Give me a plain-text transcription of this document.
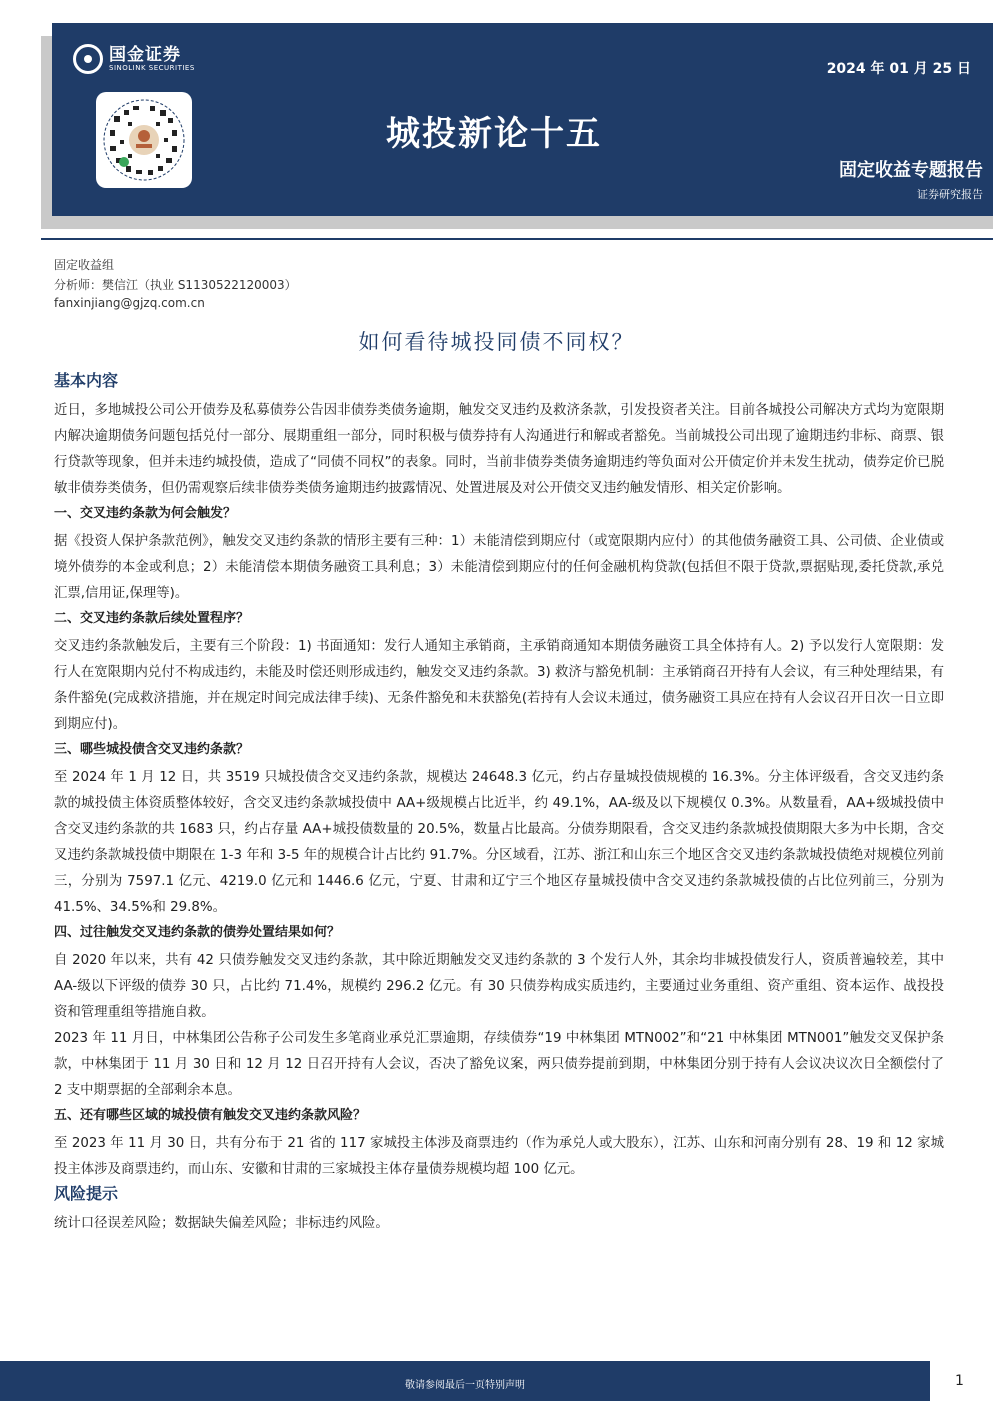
国金证券
SINOLINK SECURITIES	2024 年 01 月 25 日
城投新论十五
固定收益专题报告
证券研究报告
固定收益组
分析师：樊信江（执业 S1130522120003）
fanxinjiang@gjzq.com.cn
如何看待城投同债不同权？
基本内容

近日，多地城投公司公开债券及私募债券公告因非债券类债务逾期，触发交叉违约及救济条款，引发投资者关注。目前各城投公司解决方式均为宽限期内解决逾期债务问题包括兑付一部分、展期重组一部分，同时积极与债券持有人沟通进行和解或者豁免。当前城投公司出现了逾期违约非标、商票、银行贷款等现象，但并未违约城投债，造成了“同债不同权”的表象。同时，当前非债券类债务逾期违约等负面对公开债定价并未发生扰动，债券定价已脱敏非债券类债务，但仍需观察后续非债券类债务逾期违约披露情况、处置进展及对公开债交叉违约触发情形、相关定价影响。

一、交叉违约条款为何会触发？

据《投资人保护条款范例》，触发交叉违约条款的情形主要有三种：1）未能清偿到期应付（或宽限期内应付）的其他债务融资工具、公司债、企业债或境外债券的本金或利息；2）未能清偿本期债务融资工具利息；3）未能清偿到期应付的任何金融机构贷款(包括但不限于贷款,票据贴现,委托贷款,承兑汇票,信用证,保理等)。

二、交叉违约条款后续处置程序？

交叉违约条款触发后，主要有三个阶段：1) 书面通知：发行人通知主承销商，主承销商通知本期债务融资工具全体持有人。2) 予以发行人宽限期：发行人在宽限期内兑付不构成违约，未能及时偿还则形成违约，触发交叉违约条款。3) 救济与豁免机制：主承销商召开持有人会议，有三种处理结果，有条件豁免(完成救济措施，并在规定时间完成法律手续)、无条件豁免和未获豁免(若持有人会议未通过，债务融资工具应在持有人会议召开日次一日立即到期应付)。

三、哪些城投债含交叉违约条款？

至 2024 年 1 月 12 日，共 3519 只城投债含交叉违约条款，规模达 24648.3 亿元，约占存量城投债规模的 16.3%。分主体评级看，含交叉违约条款的城投债主体资质整体较好，含交叉违约条款城投债中 AA+级规模占比近半，约 49.1%，AA-级及以下规模仅 0.3%。从数量看，AA+级城投债中含交叉违约条款的共 1683 只，约占存量 AA+城投债数量的 20.5%，数量占比最高。分债券期限看，含交叉违约条款城投债期限大多为中长期，含交叉违约条款城投债中期限在 1-3 年和 3-5 年的规模合计占比约 91.7%。分区域看，江苏、浙江和山东三个地区含交叉违约条款城投债绝对规模位列前三，分别为 7597.1 亿元、4219.0 亿元和 1446.6 亿元，宁夏、甘肃和辽宁三个地区存量城投债中含交叉违约条款城投债的占比位列前三，分别为 41.5%、34.5%和 29.8%。

四、过往触发交叉违约条款的债券处置结果如何？

自 2020 年以来，共有 42 只债券触发交叉违约条款，其中除近期触发交叉违约条款的 3 个发行人外，其余均非城投债发行人，资质普遍较差，其中 AA-级以下评级的债券 30 只，占比约 71.4%，规模约 296.2 亿元。有 30 只债券构成实质违约，主要通过业务重组、资产重组、资本运作、战投投资和管理重组等措施自救。

2023 年 11 月日，中林集团公告称子公司发生多笔商业承兑汇票逾期，存续债券“19 中林集团 MTN002”和“21 中林集团 MTN001”触发交叉保护条款，中林集团于 11 月 30 日和 12 月 12 日召开持有人会议，否决了豁免议案，两只债券提前到期，中林集团分别于持有人会议决议次日全额偿付了 2 支中期票据的全部剩余本息。

五、还有哪些区域的城投债有触发交叉违约条款风险？

至 2023 年 11 月 30 日，共有分布于 21 省的 117 家城投主体涉及商票违约（作为承兑人或大股东），江苏、山东和河南分别有 28、19 和 12 家城投主体涉及商票违约，而山东、安徽和甘肃的三家城投主体存量债券规模均超 100 亿元。

风险提示

统计口径误差风险；数据缺失偏差风险；非标违约风险。

敬请参阅最后一页特别声明	1
